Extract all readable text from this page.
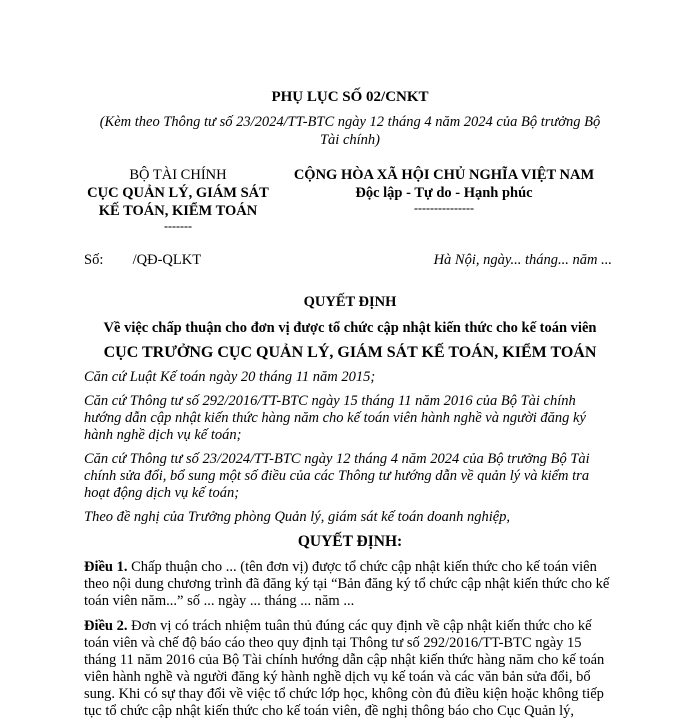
PHỤ LỤC SỐ 02/CNKT
(Kèm theo Thông tư số 23/2024/TT-BTC ngày 12 tháng 4 năm 2024 của Bộ trưởng Bộ Tài chính)
BỘ TÀI CHÍNH
CỤC QUẢN LÝ, GIÁM SÁT KẾ TOÁN, KIỂM TOÁN
-------
CỘNG HÒA XÃ HỘI CHỦ NGHĨA VIỆT NAM
Độc lập - Tự do - Hạnh phúc
---------------
Số: /QĐ-QLKT	Hà Nội, ngày... tháng... năm ...
QUYẾT ĐỊNH
Về việc chấp thuận cho đơn vị được tổ chức cập nhật kiến thức cho kế toán viên
CỤC TRƯỞNG CỤC QUẢN LÝ, GIÁM SÁT KẾ TOÁN, KIỂM TOÁN
Căn cứ Luật Kế toán ngày 20 tháng 11 năm 2015;
Căn cứ Thông tư số 292/2016/TT-BTC ngày 15 tháng 11 năm 2016 của Bộ Tài chính hướng dẫn cập nhật kiến thức hàng năm cho kế toán viên hành nghề và người đăng ký hành nghề dịch vụ kế toán;
Căn cứ Thông tư số 23/2024/TT-BTC ngày 12 tháng 4 năm 2024 của Bộ trưởng Bộ Tài chính sửa đổi, bổ sung một số điều của các Thông tư hướng dẫn về quản lý và kiểm tra hoạt động dịch vụ kế toán;
Theo đề nghị của Trưởng phòng Quản lý, giám sát kế toán doanh nghiệp,
QUYẾT ĐỊNH:
Điều 1. Chấp thuận cho ... (tên đơn vị) được tổ chức cập nhật kiến thức cho kế toán viên theo nội dung chương trình đã đăng ký tại “Bản đăng ký tổ chức cập nhật kiến thức cho kế toán viên năm...” số ... ngày ... tháng ... năm ...
Điều 2. Đơn vị có trách nhiệm tuân thủ đúng các quy định về cập nhật kiến thức cho kế toán viên và chế độ báo cáo theo quy định tại Thông tư số 292/2016/TT-BTC ngày 15 tháng 11 năm 2016 của Bộ Tài chính hướng dẫn cập nhật kiến thức hàng năm cho kế toán viên hành nghề và người đăng ký hành nghề dịch vụ kế toán và các văn bản sửa đổi, bổ sung. Khi có sự thay đổi về việc tổ chức lớp học, không còn đủ điều kiện hoặc không tiếp tục tổ chức cập nhật kiến thức cho kế toán viên, đề nghị thông báo cho Cục Quản lý,
